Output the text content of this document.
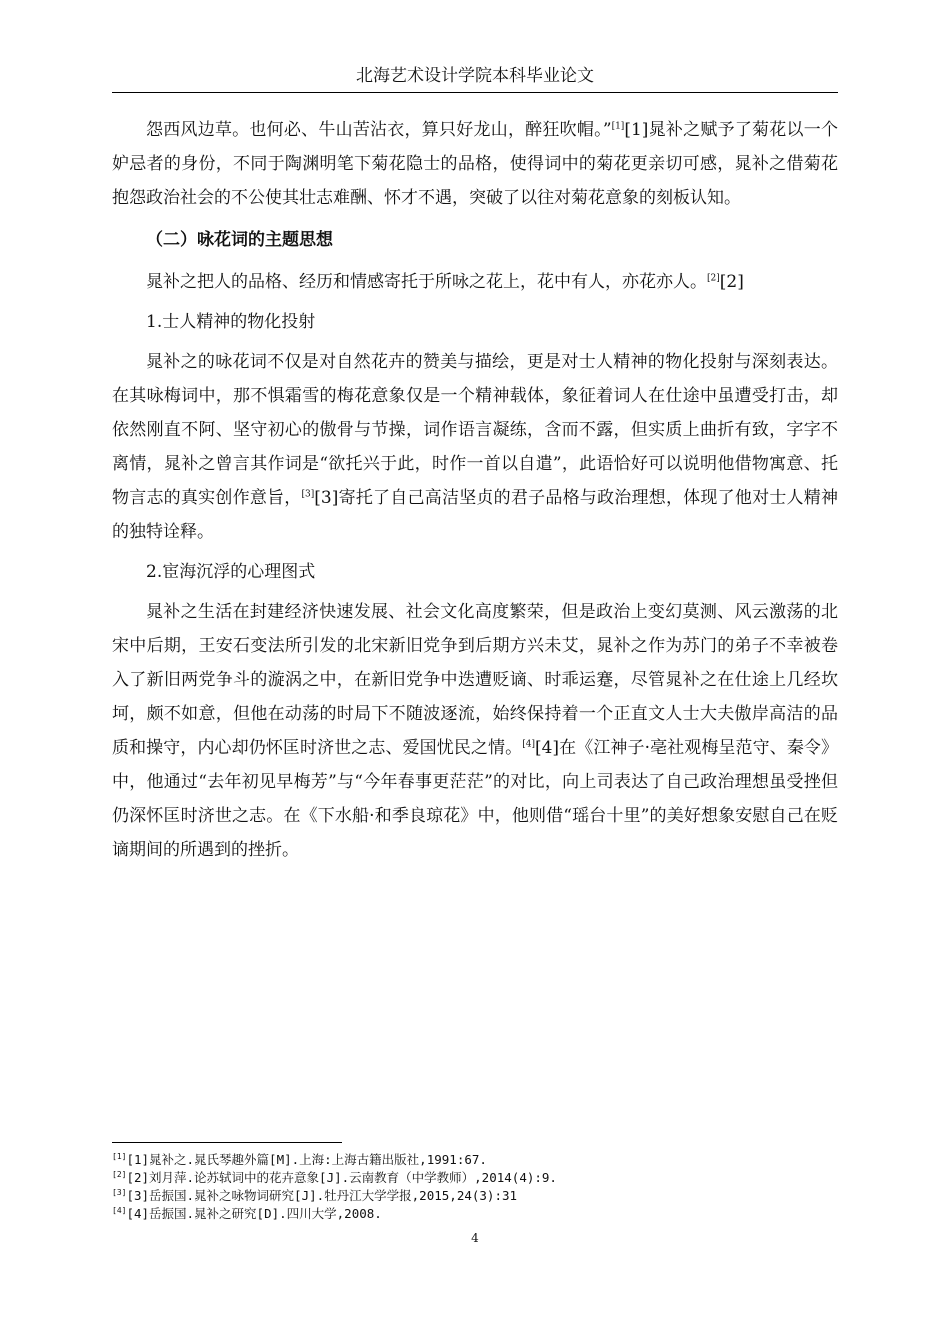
北海艺术设计学院本科毕业论文

怨西风边草。也何必、牛山苦沾衣，算只好龙山，醉狂吹帽。”[1][1]晁补之赋予了菊花以一个妒忌者的身份，不同于陶渊明笔下菊花隐士的品格，使得词中的菊花更亲切可感，晁补之借菊花抱怨政治社会的不公使其壮志难酬、怀才不遇，突破了以往对菊花意象的刻板认知。

（二）咏花词的主题思想

晁补之把人的品格、经历和情感寄托于所咏之花上，花中有人，亦花亦人。[2][2]

1.士人精神的物化投射

晁补之的咏花词不仅是对自然花卉的赞美与描绘，更是对士人精神的物化投射与深刻表达。在其咏梅词中，那不惧霜雪的梅花意象仅是一个精神载体，象征着词人在仕途中虽遭受打击，却依然刚直不阿、坚守初心的傲骨与节操，词作语言凝练，含而不露，但实质上曲折有致，字字不离情，晁补之曾言其作词是“欲托兴于此，时作一首以自遣”，此语恰好可以说明他借物寓意、托物言志的真实创作意旨，[3][3]寄托了自己高洁坚贞的君子品格与政治理想，体现了他对士人精神的独特诠释。

2.宦海沉浮的心理图式

晁补之生活在封建经济快速发展、社会文化高度繁荣，但是政治上变幻莫测、风云激荡的北宋中后期，王安石变法所引发的北宋新旧党争到后期方兴未艾，晁补之作为苏门的弟子不幸被卷入了新旧两党争斗的漩涡之中，在新旧党争中迭遭贬谪、时乖运蹇，尽管晁补之在仕途上几经坎坷，颇不如意，但他在动荡的时局下不随波逐流，始终保持着一个正直文人士大夫傲岸高洁的品质和操守，内心却仍怀匡时济世之志、爱国忧民之情。[4][4]在《江神子·亳社观梅呈范守、秦令》中，他通过“去年初见早梅芳”与“今年春事更茫茫”的对比，向上司表达了自己政治理想虽受挫但仍深怀匡时济世之志。在《下水船·和季良琼花》中，他则借“瑶台十里”的美好想象安慰自己在贬谪期间的所遇到的挫折。

[1][1]晁补之.晁氏琴趣外篇[M].上海:上海古籍出版社,1991:67.
[2][2]刘月萍.论苏轼词中的花卉意象[J].云南教育（中学教师）,2014(4):9.
[3][3]岳振国.晁补之咏物词研究[J].牡丹江大学学报,2015,24(3):31
[4][4]岳振国.晁补之研究[D].四川大学,2008.
4
